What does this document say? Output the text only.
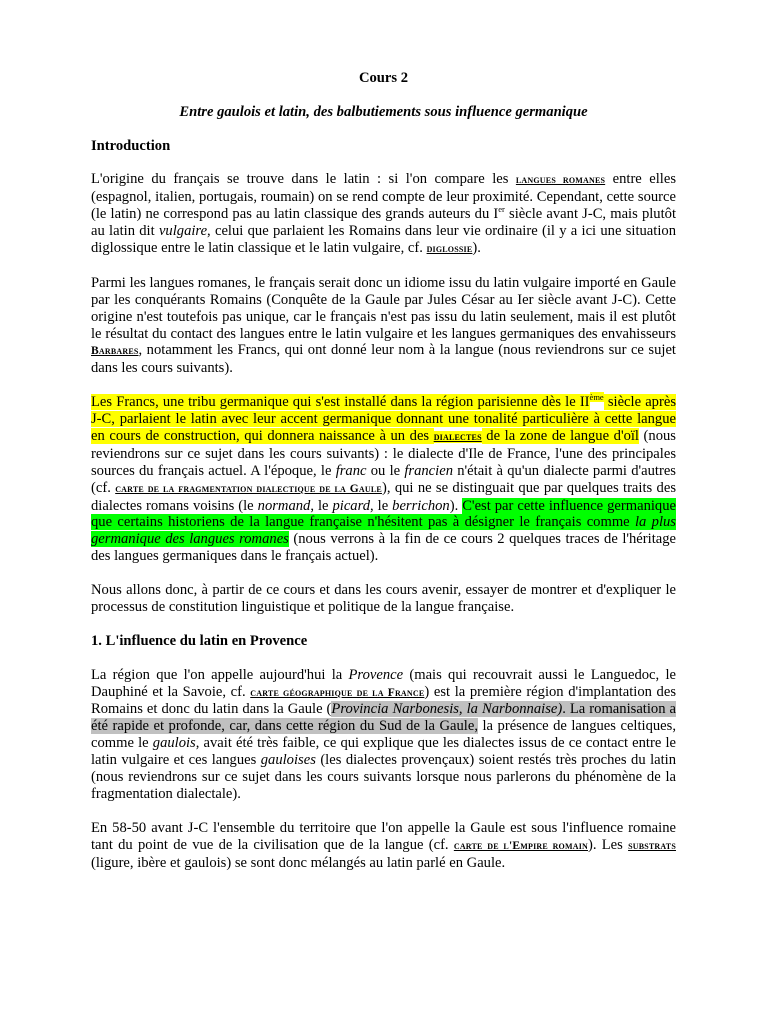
Cours 2

Entre gaulois et latin, des balbutiements sous influence germanique

Introduction

L'origine du français se trouve dans le latin : si l'on compare les langues romanes entre elles (espagnol, italien, portugais, roumain) on se rend compte de leur proximité. Cependant, cette source (le latin) ne correspond pas au latin classique des grands auteurs du Ier siècle avant J-C, mais plutôt au latin dit vulgaire, celui que parlaient les Romains dans leur vie ordinaire (il y a ici une situation diglossique entre le latin classique et le latin vulgaire, cf. diglossie).

Parmi les langues romanes, le français serait donc un idiome issu du latin vulgaire importé en Gaule par les conquérants Romains (Conquête de la Gaule par Jules César au Ier siècle avant J-C). Cette origine n'est toutefois pas unique, car le français n'est pas issu du latin seulement, mais il est plutôt le résultat du contact des langues entre le latin vulgaire et les langues germaniques des envahisseurs Barbares, notamment les Francs, qui ont donné leur nom à la langue (nous reviendrons sur ce sujet dans les cours suivants).

Les Francs, une tribu germanique qui s'est installé dans la région parisienne dès le IIème siècle après J-C, parlaient le latin avec leur accent germanique donnant une tonalité particulière à cette langue en cours de construction, qui donnera naissance à un des dialectes de la zone de langue d'oïl (nous reviendrons sur ce sujet dans les cours suivants) : le dialecte d'Ile de France, l'une des principales sources du français actuel. A l'époque, le franc ou le francien n'était à qu'un dialecte parmi d'autres (cf. carte de la fragmentation dialectique de la Gaule), qui ne se distinguait que par quelques traits des dialectes romans voisins (le normand, le picard, le berrichon). C'est par cette influence germanique que certains historiens de la langue française n'hésitent pas à désigner le français comme la plus germanique des langues romanes (nous verrons à la fin de ce cours 2 quelques traces de l'héritage des langues germaniques dans le français actuel).

Nous allons donc, à partir de ce cours et dans les cours avenir, essayer de montrer et d'expliquer le processus de constitution linguistique et politique de la langue française.

1. L'influence du latin en Provence

La région que l'on appelle aujourd'hui la Provence (mais qui recouvrait aussi le Languedoc, le Dauphiné et la Savoie, cf. carte géographique de la France) est la première région d'implantation des Romains et donc du latin dans la Gaule (Provincia Narbonesis, la Narbonnaise). La romanisation a été rapide et profonde, car, dans cette région du Sud de la Gaule, la présence de langues celtiques, comme le gaulois, avait été très faible, ce qui explique que les dialectes issus de ce contact entre le latin vulgaire et ces langues gauloises (les dialectes provençaux) soient restés très proches du latin (nous reviendrons sur ce sujet dans les cours suivants lorsque nous parlerons du phénomène de la fragmentation dialectale).

En 58-50 avant J-C l'ensemble du territoire que l'on appelle la Gaule est sous l'influence romaine tant du point de vue de la civilisation que de la langue (cf. carte de l'Empire romain). Les substrats (ligure, ibère et gaulois) se sont donc mélangés au latin parlé en Gaule.
